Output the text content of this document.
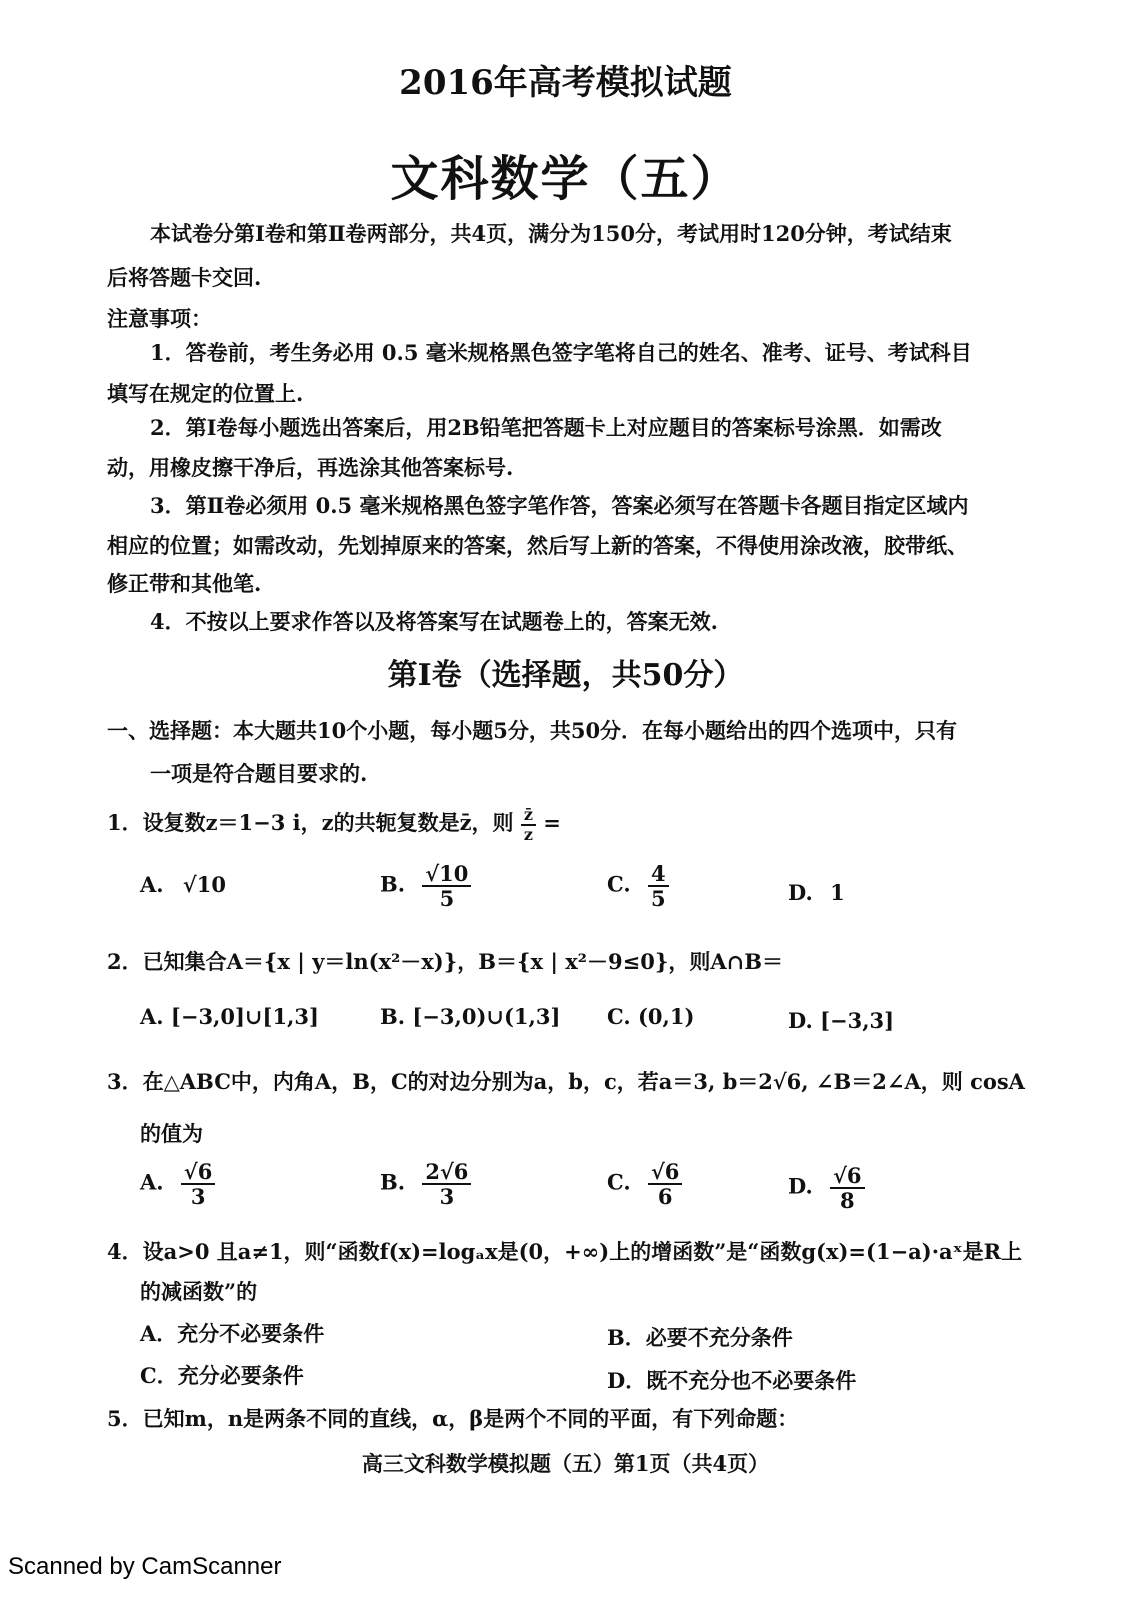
2016年高考模拟试题
文科数学（五）
本试卷分第Ⅰ卷和第Ⅱ卷两部分，共4页，满分为150分，考试用时120分钟，考试结束
后将答题卡交回.
注意事项：
1．答卷前，考生务必用 0.5 毫米规格黑色签字笔将自己的姓名、准考、证号、考试科目
填写在规定的位置上.
2．第Ⅰ卷每小题选出答案后，用2B铅笔把答题卡上对应题目的答案标号涂黑．如需改
动，用橡皮擦干净后，再选涂其他答案标号.
3．第Ⅱ卷必须用 0.5 毫米规格黑色签字笔作答，答案必须写在答题卡各题目指定区域内
相应的位置；如需改动，先划掉原来的答案，然后写上新的答案，不得使用涂改液，胶带纸、
修正带和其他笔.
4．不按以上要求作答以及将答案写在试题卷上的，答案无效.
第Ⅰ卷（选择题，共50分）
一、选择题：本大题共10个小题，每小题5分，共50分．在每小题给出的四个选项中，只有
一项是符合题目要求的.
1．设复数z＝1−3 i，z的共轭复数是z̄，则 $\frac{z̄}{z}$ =
A. √10	B. $\frac{√10}{5}$	C. $\frac{4}{5}$	D. 1
2．已知集合A＝{x | y＝ln(x²－x)}，B＝{x | x²－9≤0}，则A∩B＝
A. [−3,0]∪[1,3]	B. [−3,0)∪(1,3] C. (0,1)	D. [−3,3]
3．在△ABC中，内角A，B，C的对边分别为a，b，c，若a＝3, b＝2√6, ∠B＝2∠A，则 cosA
的值为
A. $\frac{√6}{3}$	B. $\frac{2√6}{3}$	C. $\frac{√6}{6}$	D. $\frac{√6}{8}$
4．设a>0 且a≠1，则“函数f(x)=logₐx是(0，+∞)上的增函数”是“函数g(x)=(1−a)·aˣ是R上
的减函数”的
A．充分不必要条件	B．必要不充分条件
C．充分必要条件	D．既不充分也不必要条件
5．已知m，n是两条不同的直线，α，β是两个不同的平面，有下列命题：
高三文科数学模拟题（五）第1页（共4页）
Scanned by CamScanner
